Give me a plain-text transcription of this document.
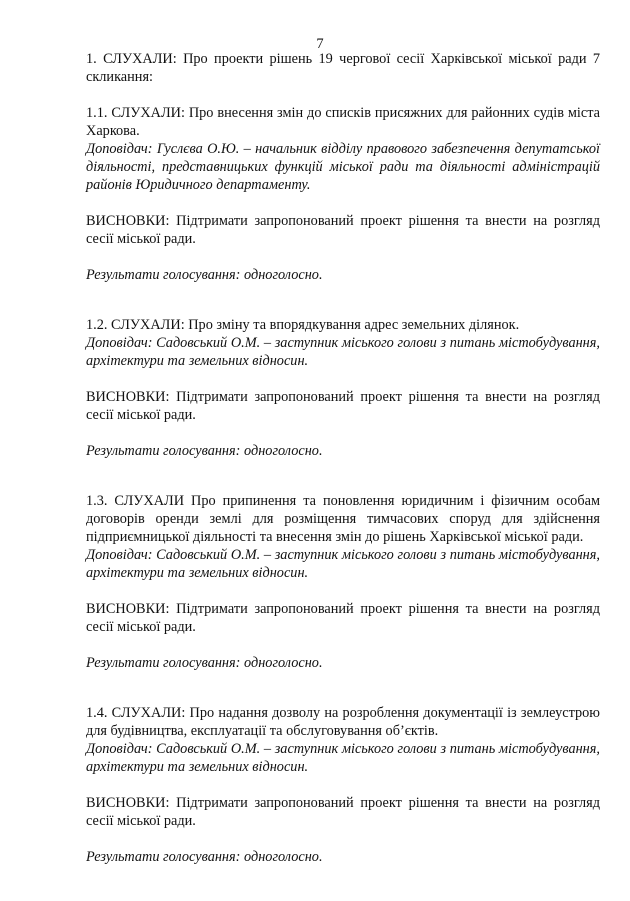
7

1. СЛУХАЛИ: Про проекти рішень 19 чергової сесії Харківської міської ради 7 скликання:

1.1. СЛУХАЛИ: Про внесення змін до списків присяжних для районних судів міста Харкова.

Доповідач: Гуслєва О.Ю. – начальник відділу правового забезпечення депутатської діяльності, представницьких функцій міської ради та діяльності адміністрацій районів Юридичного департаменту.

ВИСНОВКИ: Підтримати запропонований проект рішення та внести на розгляд сесії міської ради.

Результати голосування: одноголосно.

1.2. СЛУХАЛИ: Про зміну та впорядкування адрес земельних ділянок.

Доповідач: Садовський О.М. – заступник міського голови з питань містобудування, архітектури та земельних відносин.

ВИСНОВКИ: Підтримати запропонований проект рішення та внести на розгляд сесії міської ради.

Результати голосування: одноголосно.

1.3. СЛУХАЛИ Про припинення та поновлення юридичним і фізичним особам договорів оренди землі для розміщення тимчасових споруд для здійснення підприємницької діяльності та внесення змін до рішень Харківської міської ради.

Доповідач: Садовський О.М. – заступник міського голови з питань містобудування, архітектури та земельних відносин.

ВИСНОВКИ: Підтримати запропонований проект рішення та внести на розгляд сесії міської ради.

Результати голосування: одноголосно.

1.4. СЛУХАЛИ: Про надання дозволу на розроблення документації із землеустрою для будівництва, експлуатації та обслуговування об’єктів.

Доповідач: Садовський О.М. – заступник міського голови з питань містобудування, архітектури та земельних відносин.

ВИСНОВКИ: Підтримати запропонований проект рішення та внести на розгляд сесії міської ради.

Результати голосування: одноголосно.
